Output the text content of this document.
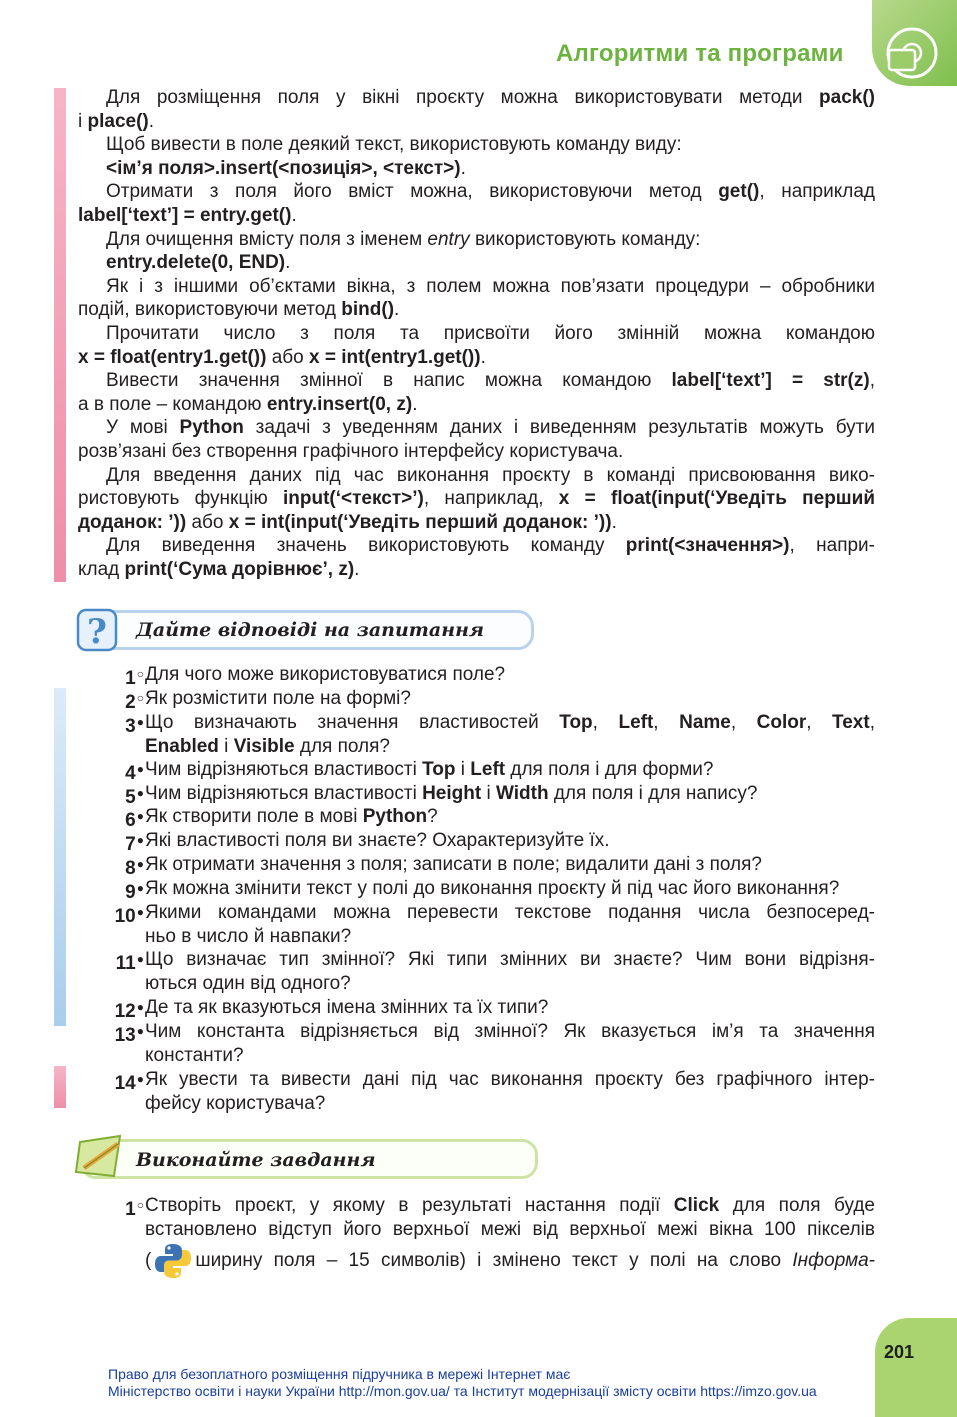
Алгоритми та програми
Для розміщення поля у вікні проєкту можна використовувати методи pack()
і place().
Щоб вивести в поле деякий текст, використовують команду виду:
<ім’я поля>.insert(<позиція>, <текст>).
Отримати з поля його вміст можна, використовуючи метод get(), наприклад
label[‘text’] = entry.get().
Для очищення вмісту поля з іменем entry використовують команду:
entry.delete(0, END).
Як і з іншими об’єктами вікна, з полем можна пов’язати процедури – обробники
подій, використовуючи метод bind().
Прочитати число з поля та присвоїти його змінній можна командою
x = float(entry1.get()) або x = int(entry1.get()).
Вивести значення змінної в напис можна командою label[‘text’] = str(z),
а в поле – командою entry.insert(0, z).
У мові Python задачі з уведенням даних і виведенням результатів можуть бути
розв’язані без створення графічного інтерфейсу користувача.
Для введення даних під час виконання проєкту в команді присвоювання вико-
ристовують функцію input(‘<текст>’), наприклад, x = float(input(‘Уведіть перший
доданок: ’)) або x = int(input(‘Уведіть перший доданок: ’)).
Для виведення значень використовують команду print(<значення>), напри-
клад print(‘Сума дорівнює’, z).
? Дайте відповіді на запитання
1○ Для чого може використовуватися поле?
2○ Як розмістити поле на формі?
3● Що визначають значення властивостей Top, Left, Name, Color, Text,
Enabled і Visible для поля?
4● Чим відрізняються властивості Top і Left для поля і для форми?
5● Чим відрізняються властивості Height і Width для поля і для напису?
6● Як створити поле в мові Python?
7● Які властивості поля ви знаєте? Охарактеризуйте їх.
8● Як отримати значення з поля; записати в поле; видалити дані з поля?
9● Як можна змінити текст у полі до виконання проєкту й під час його виконання?
10● Якими командами можна перевести текстове подання числа безпосеред-
ньо в число й навпаки?
11● Що визначає тип змінної? Які типи змінних ви знаєте? Чим вони відрізня-
ються один від одного?
12● Де та як вказуються імена змінних та їх типи?
13● Чим константа відрізняється від змінної? Як вказується ім’я та значення
константи?
14● Як увести та вивести дані під час виконання проєкту без графічного інтер-
фейсу користувача?
Виконайте завдання
1○ Створіть проєкт, у якому в результаті настання події Click для поля буде
встановлено відступ його верхньої межі від верхньої межі вікна 100 пікселів
( ширину поля – 15 символів) і змінено текст у полі на слово Інформа-
201
Право для безоплатного розміщення підручника в мережі Інтернет має
Міністерство освіти і науки України http://mon.gov.ua/ та Інститут модернізації змісту освіти https://imzo.gov.ua
